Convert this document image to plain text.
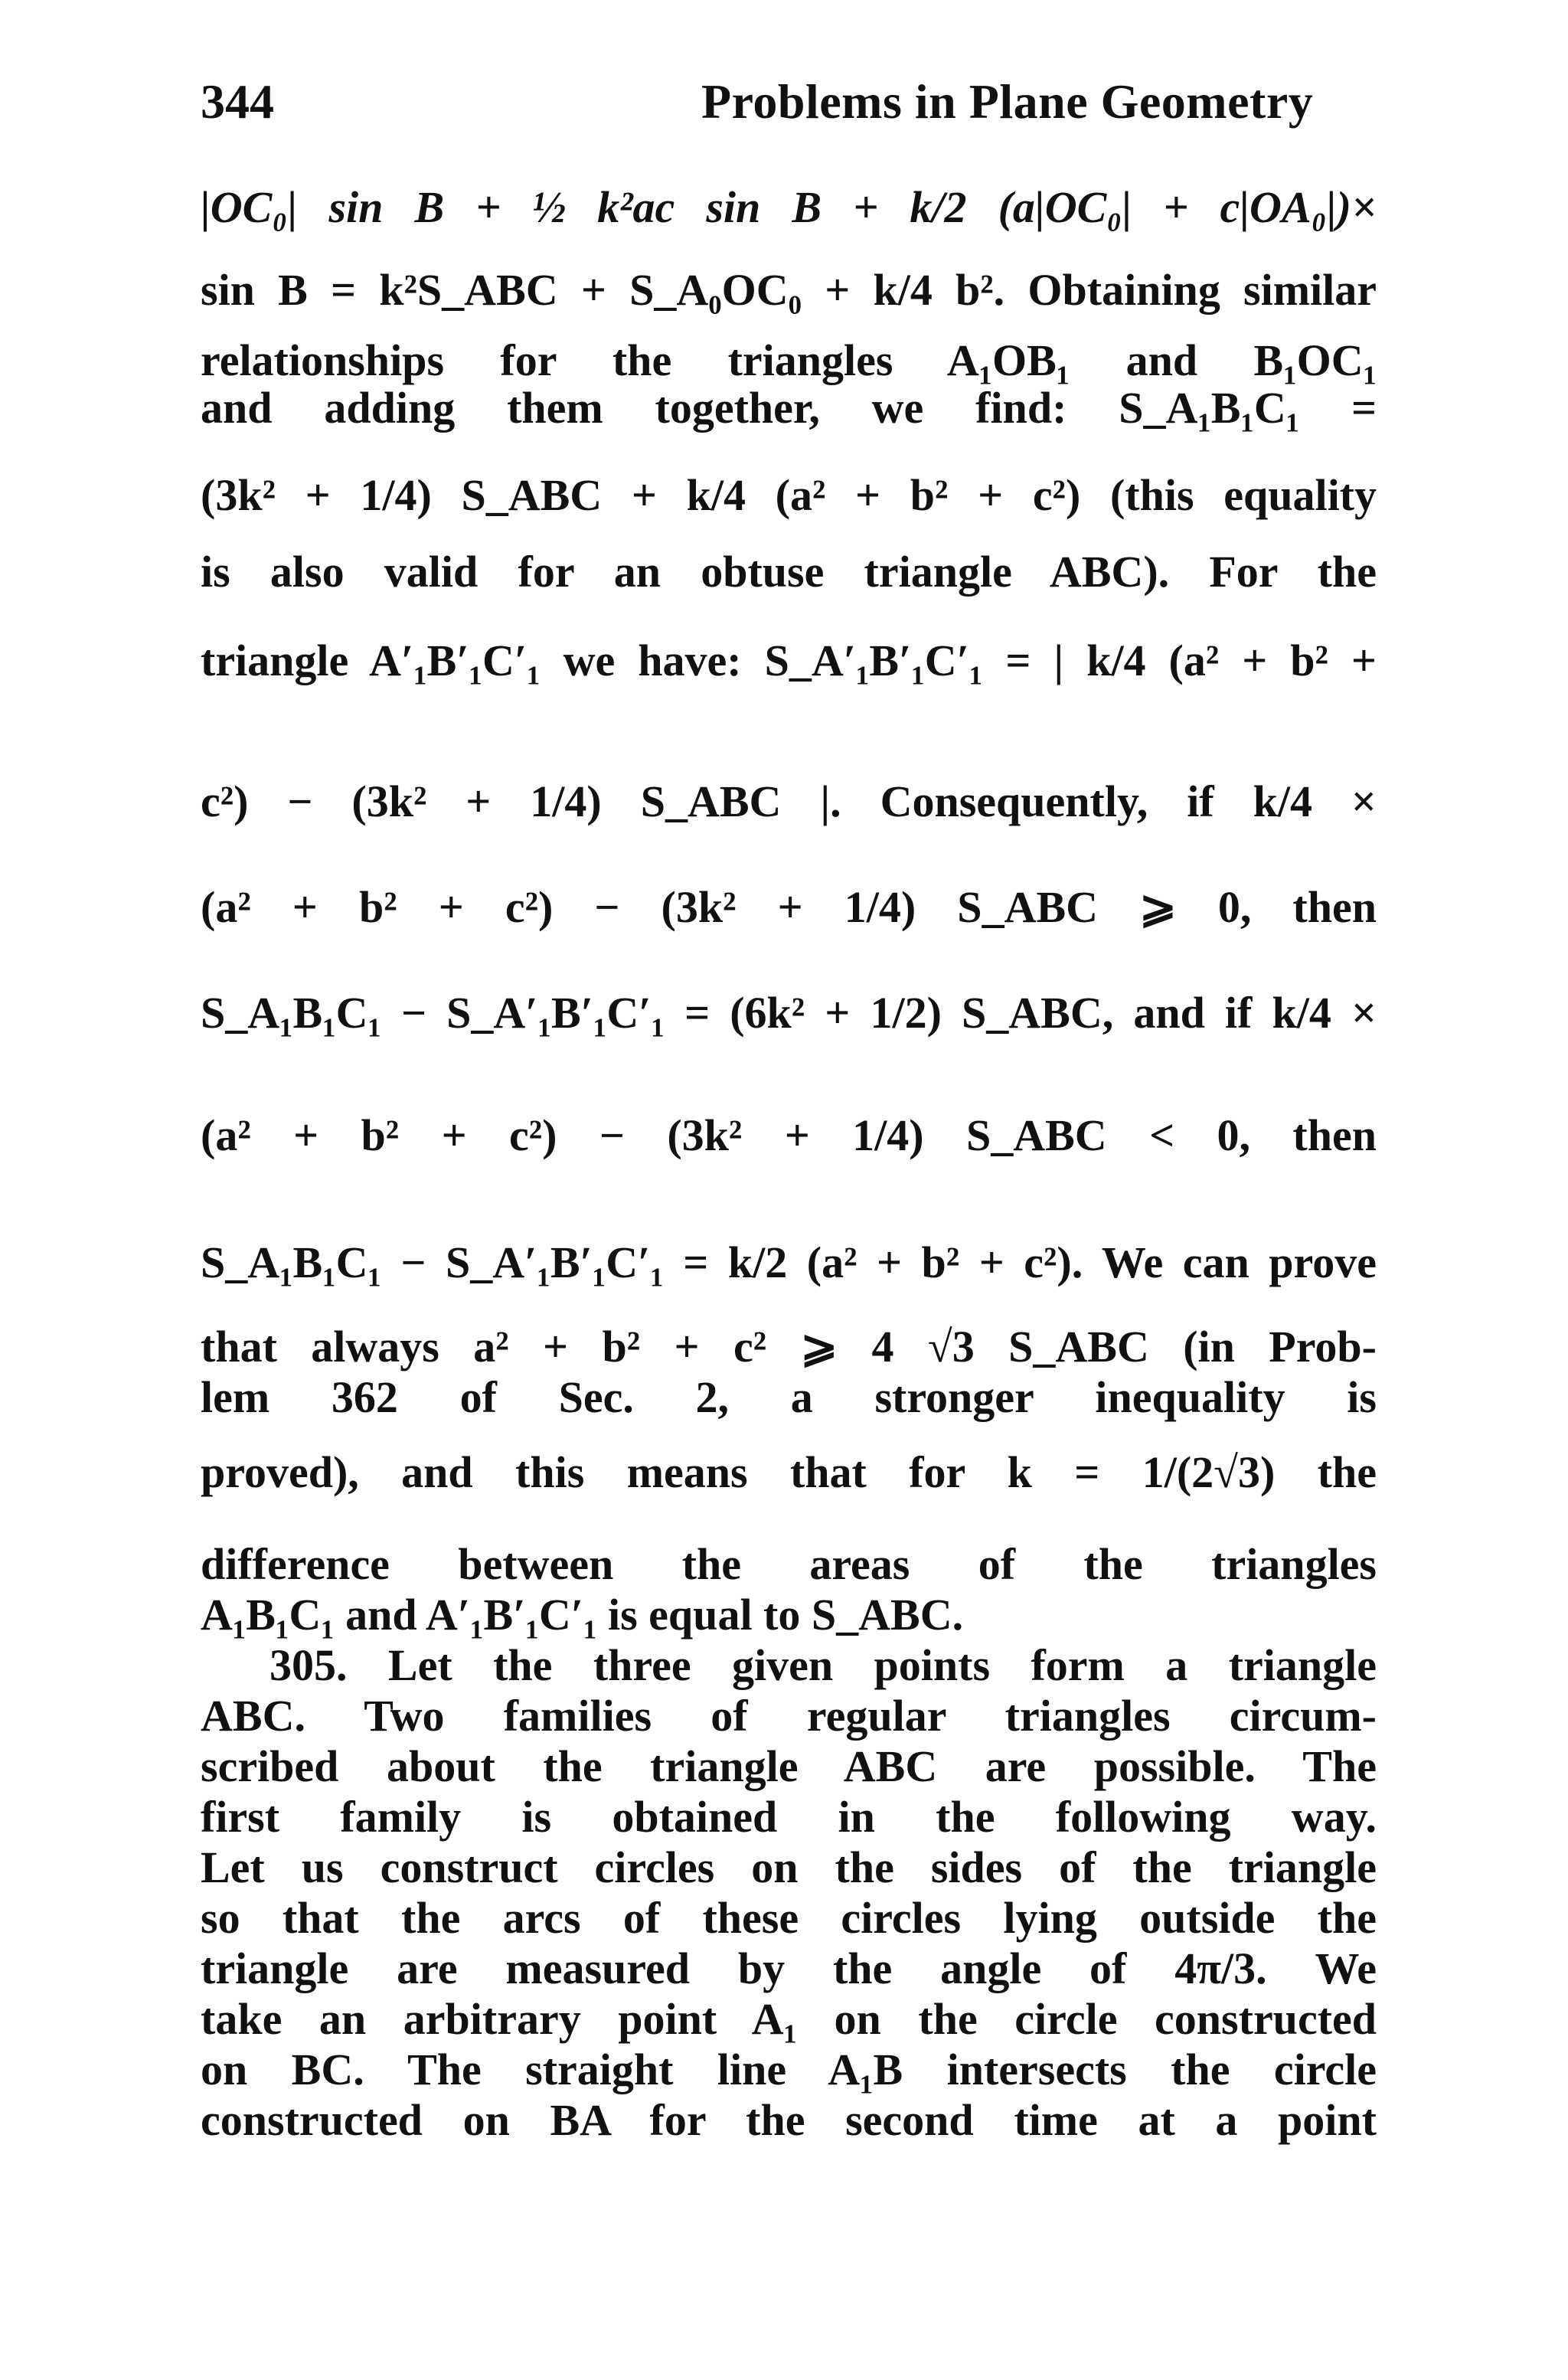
344	Problems in Plane Geometry
|OC₀| sin B + ½ k²ac sin B + k/2 (a|OC₀| + c|OA₀|)×
sin B = k²S_ABC + S_A₀OC₀ + k/4 b². Obtaining similar
relationships for the triangles A₁OB₁ and B₁OC₁
and adding them together, we find: S_A₁B₁C₁ =
(3k² + 1/4) S_ABC + k/4 (a² + b² + c²) (this equality
is also valid for an obtuse triangle ABC). For the
triangle A′₁B′₁C′₁ we have: S_A′₁B′₁C′₁ = | k/4 (a² + b² +
c²) − (3k² + 1/4) S_ABC |. Consequently, if k/4 ×
(a² + b² + c²) − (3k² + 1/4) S_ABC ⩾ 0, then
S_A₁B₁C₁ − S_A′₁B′₁C′₁ = (6k² + 1/2) S_ABC, and if k/4 ×
(a² + b² + c²) − (3k² + 1/4) S_ABC < 0, then
S_A₁B₁C₁ − S_A′₁B′₁C′₁ = k/2 (a² + b² + c²). We can prove
that always a² + b² + c² ⩾ 4 √3 S_ABC (in Prob-
lem 362 of Sec. 2, a stronger inequality is
proved), and this means that for k = 1/(2√3) the
difference between the areas of the triangles
A₁B₁C₁ and A′₁B′₁C′₁ is equal to S_ABC.
305. Let the three given points form a triangle
ABC. Two families of regular triangles circum-
scribed about the triangle ABC are possible. The
first family is obtained in the following way.
Let us construct circles on the sides of the triangle
so that the arcs of these circles lying outside the
triangle are measured by the angle of 4π/3. We
take an arbitrary point A₁ on the circle constructed
on BC. The straight line A₁B intersects the circle
constructed on BA for the second time at a point
